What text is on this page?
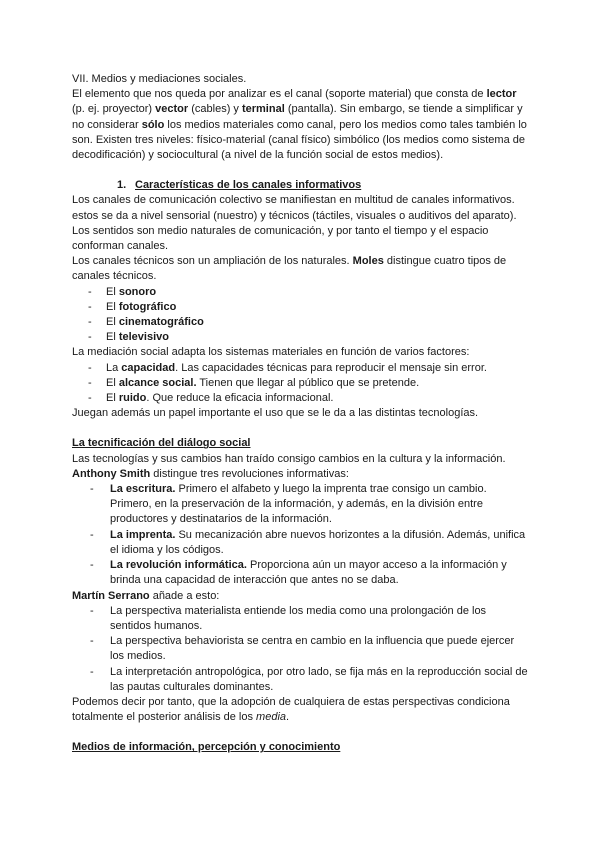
VII. Medios y mediaciones sociales.

El elemento que nos queda por analizar es el canal (soporte material) que consta de lector (p. ej. proyector) vector (cables) y terminal (pantalla). Sin embargo, se tiende a simplificar y no considerar sólo los medios materiales como canal, pero los medios como tales también lo son. Existen tres niveles: físico-material (canal físico) simbólico (los medios como sistema de decodificación) y sociocultural (a nivel de la función social de estos medios).

1. Características de los canales informativos

Los canales de comunicación colectivo se manifiestan en multitud de canales informativos. estos se da a nivel sensorial (nuestro) y técnicos (táctiles, visuales o auditivos del aparato). Los sentidos son medio naturales de comunicación, y por tanto el tiempo y el espacio conforman canales.

Los canales técnicos son un ampliación de los naturales. Moles distingue cuatro tipos de canales técnicos.

- El sonoro
- El fotográfico
- El cinematográfico
- El televisivo

La mediación social adapta los sistemas materiales en función de varios factores:

- La capacidad. Las capacidades técnicas para reproducir el mensaje sin error.
- El alcance social. Tienen que llegar al público que se pretende.
- El ruido. Que reduce la eficacia informacional.

Juegan además un papel importante el uso que se le da a las distintas tecnologías.

La tecnificación del diálogo social

Las tecnologías y sus cambios han traído consigo cambios en la cultura y la información.

Anthony Smith distingue tres revoluciones informativas:

- La escritura. Primero el alfabeto y luego la imprenta trae consigo un cambio. Primero, en la preservación de la información, y además, en la división entre productores y destinatarios de la información.
- La imprenta. Su mecanización abre nuevos horizontes a la difusión. Además, unifica el idioma y los códigos.
- La revolución informática. Proporciona aún un mayor acceso a la información y brinda una capacidad de interacción que antes no se daba.

Martín Serrano añade a esto:

- La perspectiva materialista entiende los media como una prolongación de los sentidos humanos.
- La perspectiva behaviorista se centra en cambio en la influencia que puede ejercer los medios.
- La interpretación antropológica, por otro lado, se fija más en la reproducción social de las pautas culturales dominantes.

Podemos decir por tanto, que la adopción de cualquiera de estas perspectivas condiciona totalmente el posterior análisis de los media.

Medios de información, percepción y conocimiento
